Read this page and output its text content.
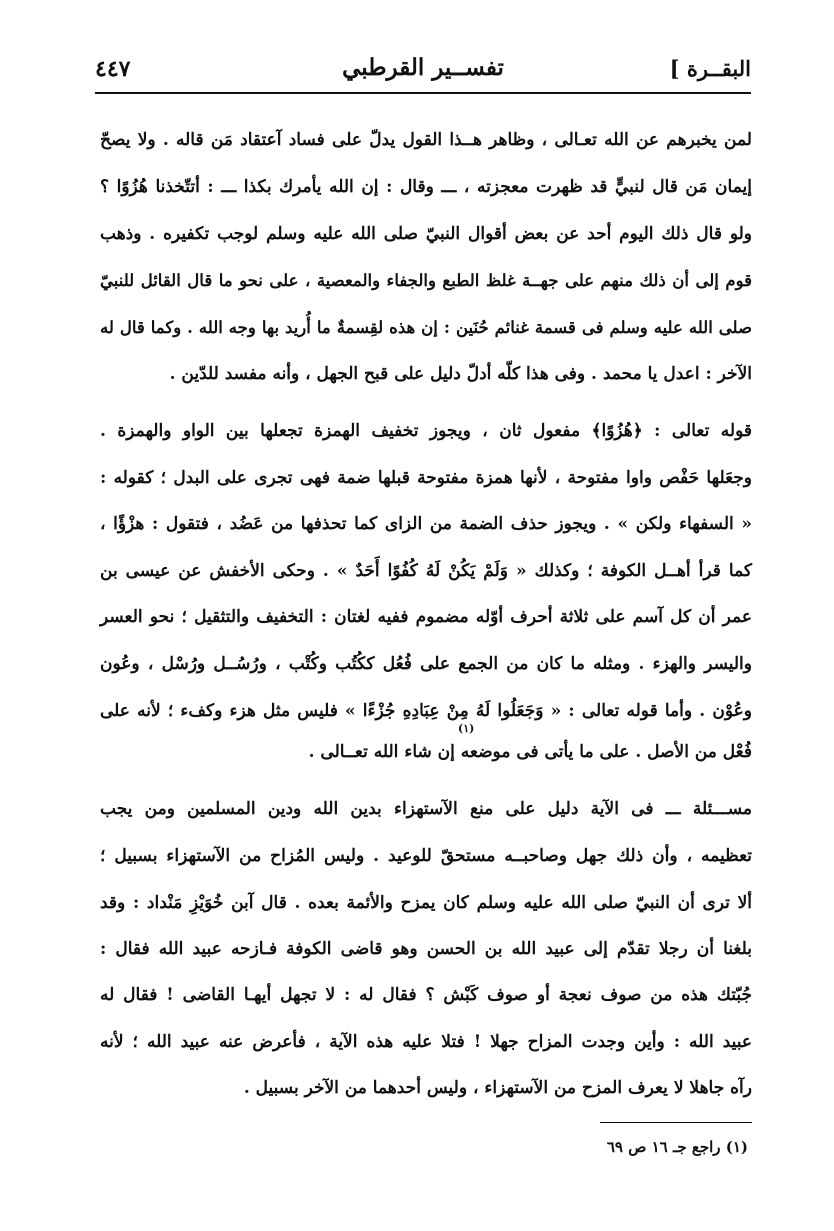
البقــرة ]
تفســير القرطبي
٤٤٧
لمن يخبرهم عن الله تعـالى ، وظاهر هــذا القول يدلّ على فساد آعتقاد مَن قاله . ولا يصحّ
إيمان مَن قال لنبيٍّ قد ظهرت معجزته ، ـــ وقال : إن الله يأمرك بكذا ـــ : أتتّخذنا هُزُوًا ؟
ولو قال ذلك اليوم أحد عن بعض أقوال النبيّ صلى الله عليه وسلم لوجب تكفيره . وذهب
قوم إلى أن ذلك منهم على جهــة غلظ الطبع والجفاء والمعصية ، على نحو ما قال القائل للنبيّ
صلى الله عليه وسلم فى قسمة غنائم حُنَين : إن هذه لقِسمةٌ ما أُريد بها وجه الله . وكما قال له
الآخر : اعدل يا محمد . وفى هذا كلّه أدلّ دليل على قبح الجهل ، وأنه مفسد للدّين .
قوله تعالى : ﴿هُزُوًا﴾ مفعول ثان ، ويجوز تخفيف الهمزة تجعلها بين الواو والهمزة .
وجعَلها حَفْص واوا مفتوحة ، لأنها همزة مفتوحة قبلها ضمة فهى تجرى على البدل ؛ كقوله :
« السفهاء ولكن » . ويجوز حذف الضمة من الزاى كما تحذفها من عَضُد ، فتقول : هزْؤًا ،
كما قرأ أهــل الكوفة ؛ وكذلك « وَلَمْ يَكُنْ لَهُ كُفُوًا أَحَدٌ » . وحكى الأخفش عن عيسى بن
عمر أن كل آسم على ثلاثة أحرف أوّله مضموم ففيه لغتان : التخفيف والتثقيل ؛ نحو العسر
واليسر والهزء . ومثله ما كان من الجمع على فُعُل ككُتُب وكُتْب ، ورُسُــل ورُسْل ، وعُون
وعُوْن . وأما قوله تعالى : « وَجَعَلُوا لَهُ مِنْ عِبَادِهِ جُزْءًا » فليس مثل هزء وكفء ؛ لأنه على
(١)
فُعْل من الأصل . على ما يأتى فى موضعه إن شاء الله تعــالى .
مســـئلة ـــ فى الآية دليل على منع الآستهزاء بدين الله ودين المسلمين ومن يجب
تعظيمه ، وأن ذلك جهل وصاحبــه مستحقّ للوعيد . وليس المُزاح من الآستهزاء بسبيل ؛
ألا ترى أن النبيّ صلى الله عليه وسلم كان يمزح والأئمة بعده . قال آبن خُوَيْزِ مَنْداد : وقد
بلغنا أن رجلا تقدّم إلى عبيد الله بن الحسن وهو قاضى الكوفة فـازحه عبيد الله فقال :
جُبّتك هذه من صوف نعجة أو صوف كَبْش ؟ فقال له : لا تجهل أيهـا القاضى ! فقال له
عبيد الله : وأين وجدت المزاح جهلا ! فتلا عليه هذه الآية ، فأعرض عنه عبيد الله ؛ لأنه
رآه جاهلا لا يعرف المزح من الآستهزاء ، وليس أحدهما من الآخر بسبيل .
(١) راجع جـ ١٦ ص ٦٩
